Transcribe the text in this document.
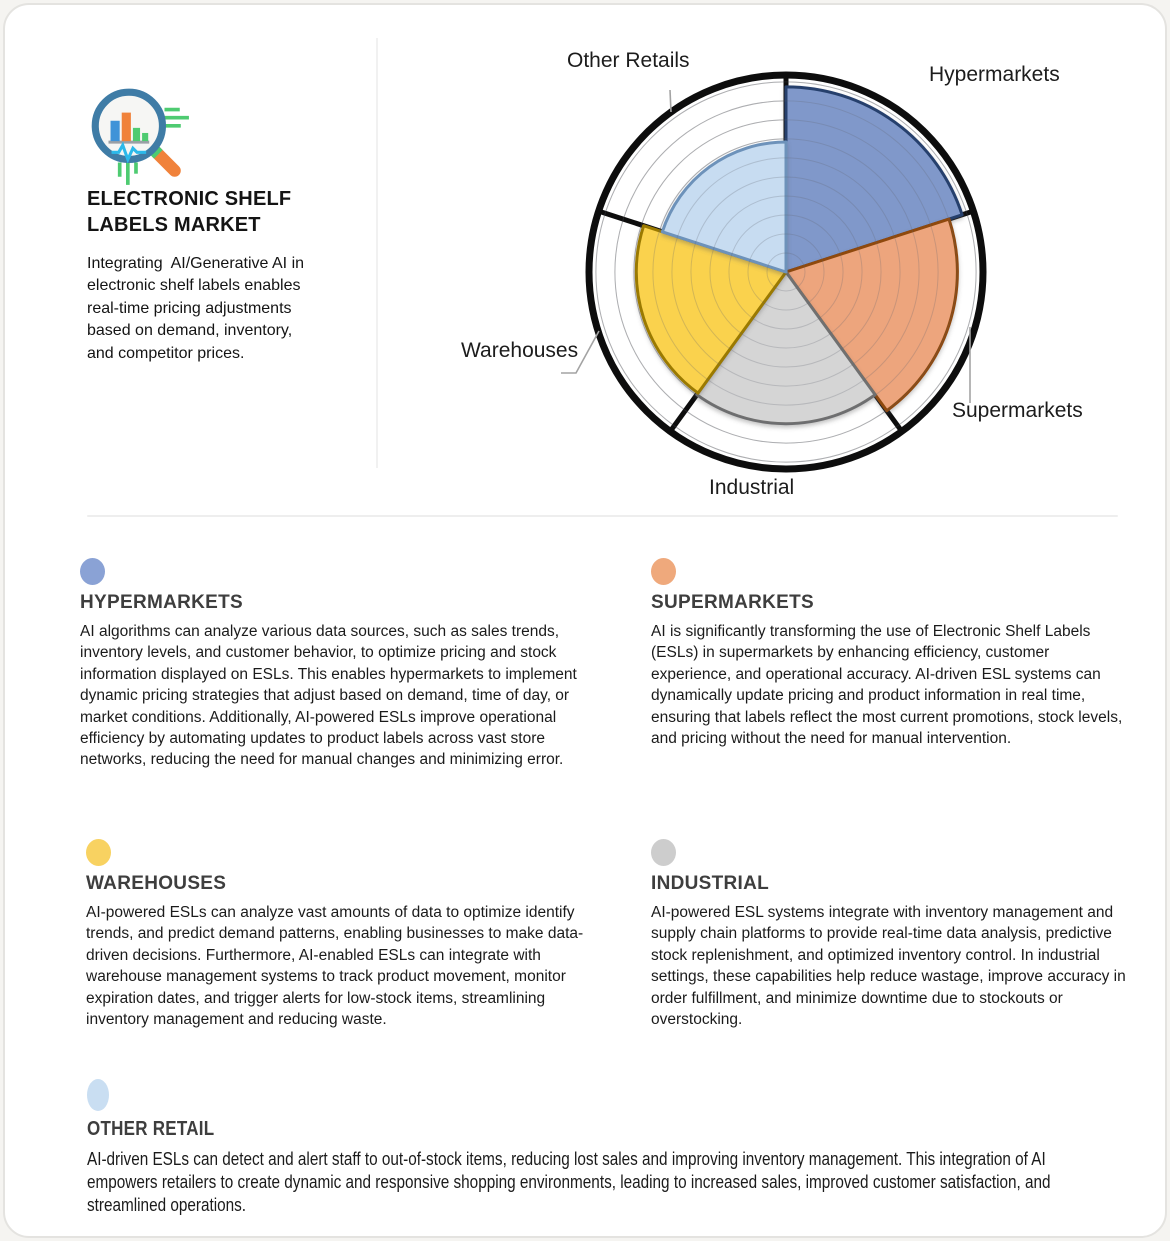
ELECTRONIC SHELF LABELS MARKET
Integrating  AI/Generative AI in electronic shelf labels enables real-time pricing adjustments based on demand, inventory, and competitor prices.
Other Retails
Hypermarkets
Supermarkets
Industrial
Warehouses
HYPERMARKETS
AI algorithms can analyze various data sources, such as sales trends, inventory levels, and customer behavior, to optimize pricing and stock information displayed on ESLs. This enables hypermarkets to implement dynamic pricing strategies that adjust based on demand, time of day, or market conditions. Additionally, AI-powered ESLs improve operational efficiency by automating updates to product labels across vast store networks, reducing the need for manual changes and minimizing error.
SUPERMARKETS
AI is significantly transforming the use of Electronic Shelf Labels (ESLs) in supermarkets by enhancing efficiency, customer experience, and operational accuracy. AI-driven ESL systems can dynamically update pricing and product information in real time, ensuring that labels reflect the most current promotions, stock levels, and pricing without the need for manual intervention.
WAREHOUSES
AI-powered ESLs can analyze vast amounts of data to optimize identify trends, and predict demand patterns, enabling businesses to make data-driven decisions. Furthermore, AI-enabled ESLs can integrate with warehouse management systems to track product movement, monitor expiration dates, and trigger alerts for low-stock items, streamlining inventory management and reducing waste.
INDUSTRIAL
AI-powered ESL systems integrate with inventory management and supply chain platforms to provide real-time data analysis, predictive stock replenishment, and optimized inventory control. In industrial settings, these capabilities help reduce wastage, improve accuracy in order fulfillment, and minimize downtime due to stockouts or overstocking.
OTHER RETAIL
AI-driven ESLs can detect and alert staff to out-of-stock items, reducing lost sales and improving inventory management. This integration of AI empowers retailers to create dynamic and responsive shopping environments, leading to increased sales, improved customer satisfaction, and streamlined operations.
